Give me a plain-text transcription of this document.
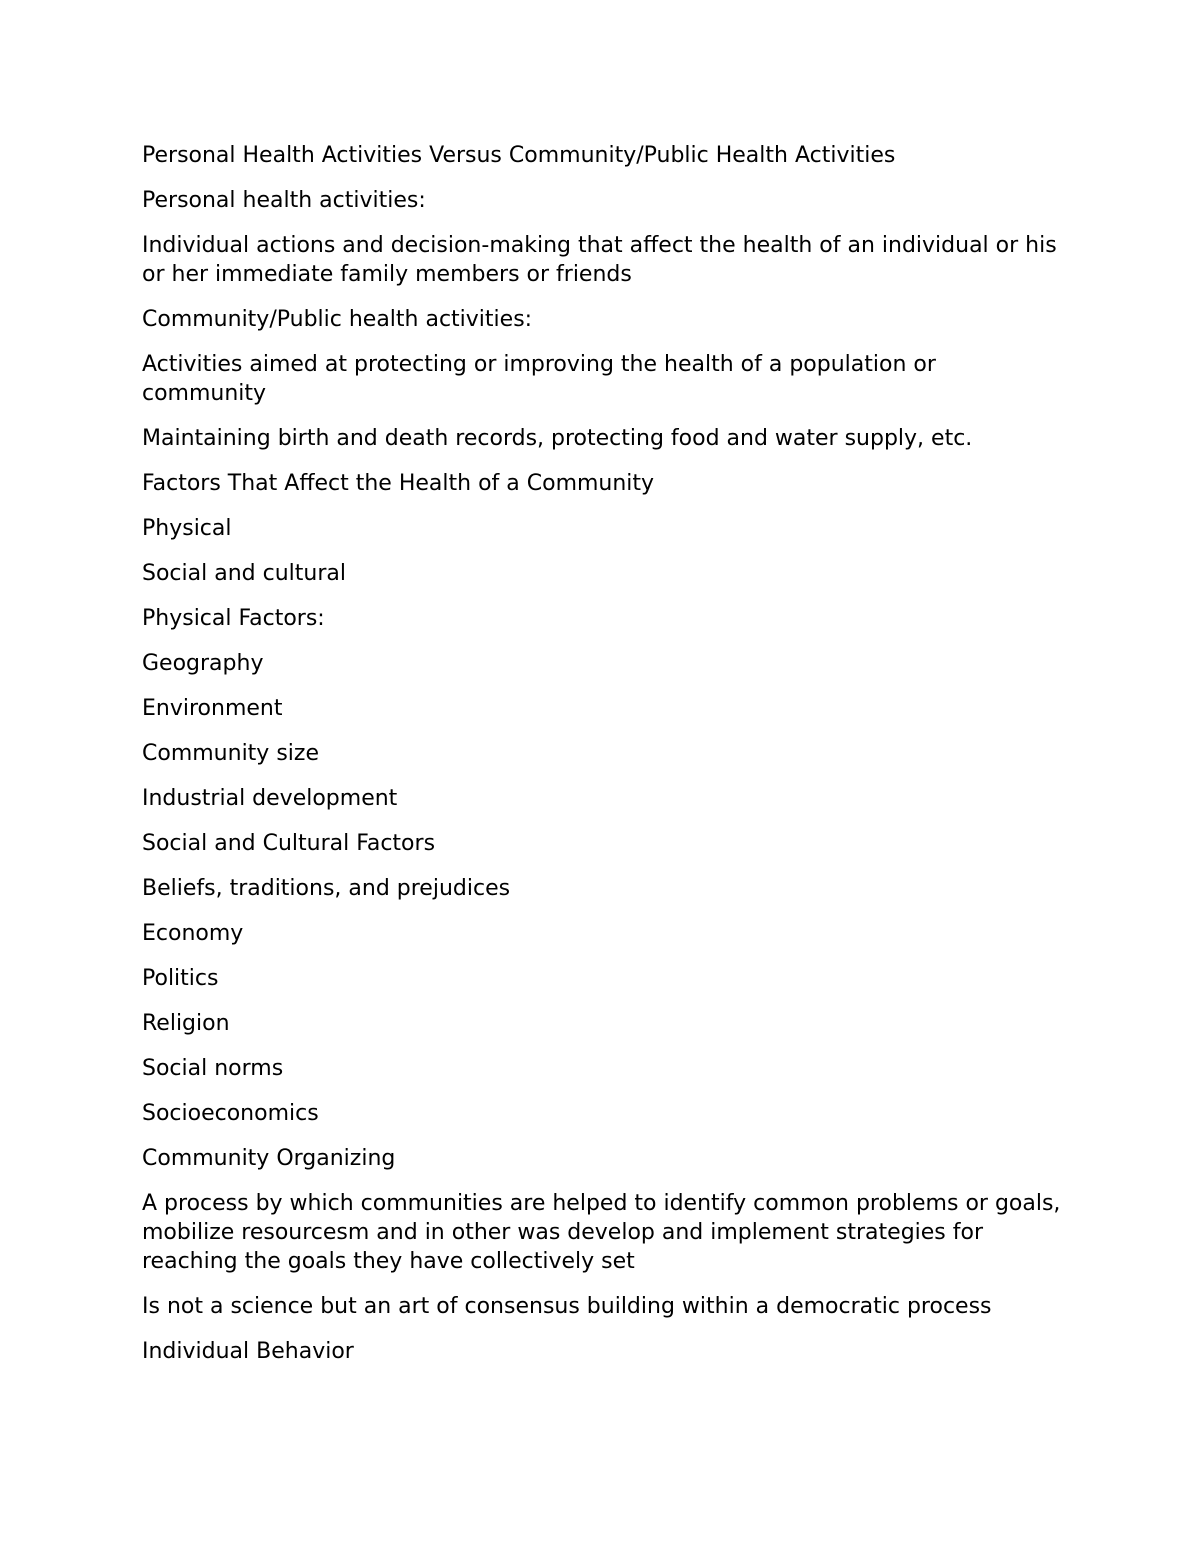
Personal Health Activities Versus Community/Public Health Activities

Personal health activities:

Individual actions and decision-making that affect the health of an individual or his or her immediate family members or friends

Community/Public health activities:

Activities aimed at protecting or improving the health of a population or community

Maintaining birth and death records, protecting food and water supply, etc.

Factors That Affect the Health of a Community

Physical

Social and cultural

Physical Factors:

Geography

Environment

Community size

Industrial development

Social and Cultural Factors

Beliefs, traditions, and prejudices

Economy

Politics

Religion

Social norms

Socioeconomics

Community Organizing

A process by which communities are helped to identify common problems or goals, mobilize resourcesm and in other was develop and implement strategies for reaching the goals they have collectively set

Is not a science but an art of consensus building within a democratic process

Individual Behavior
